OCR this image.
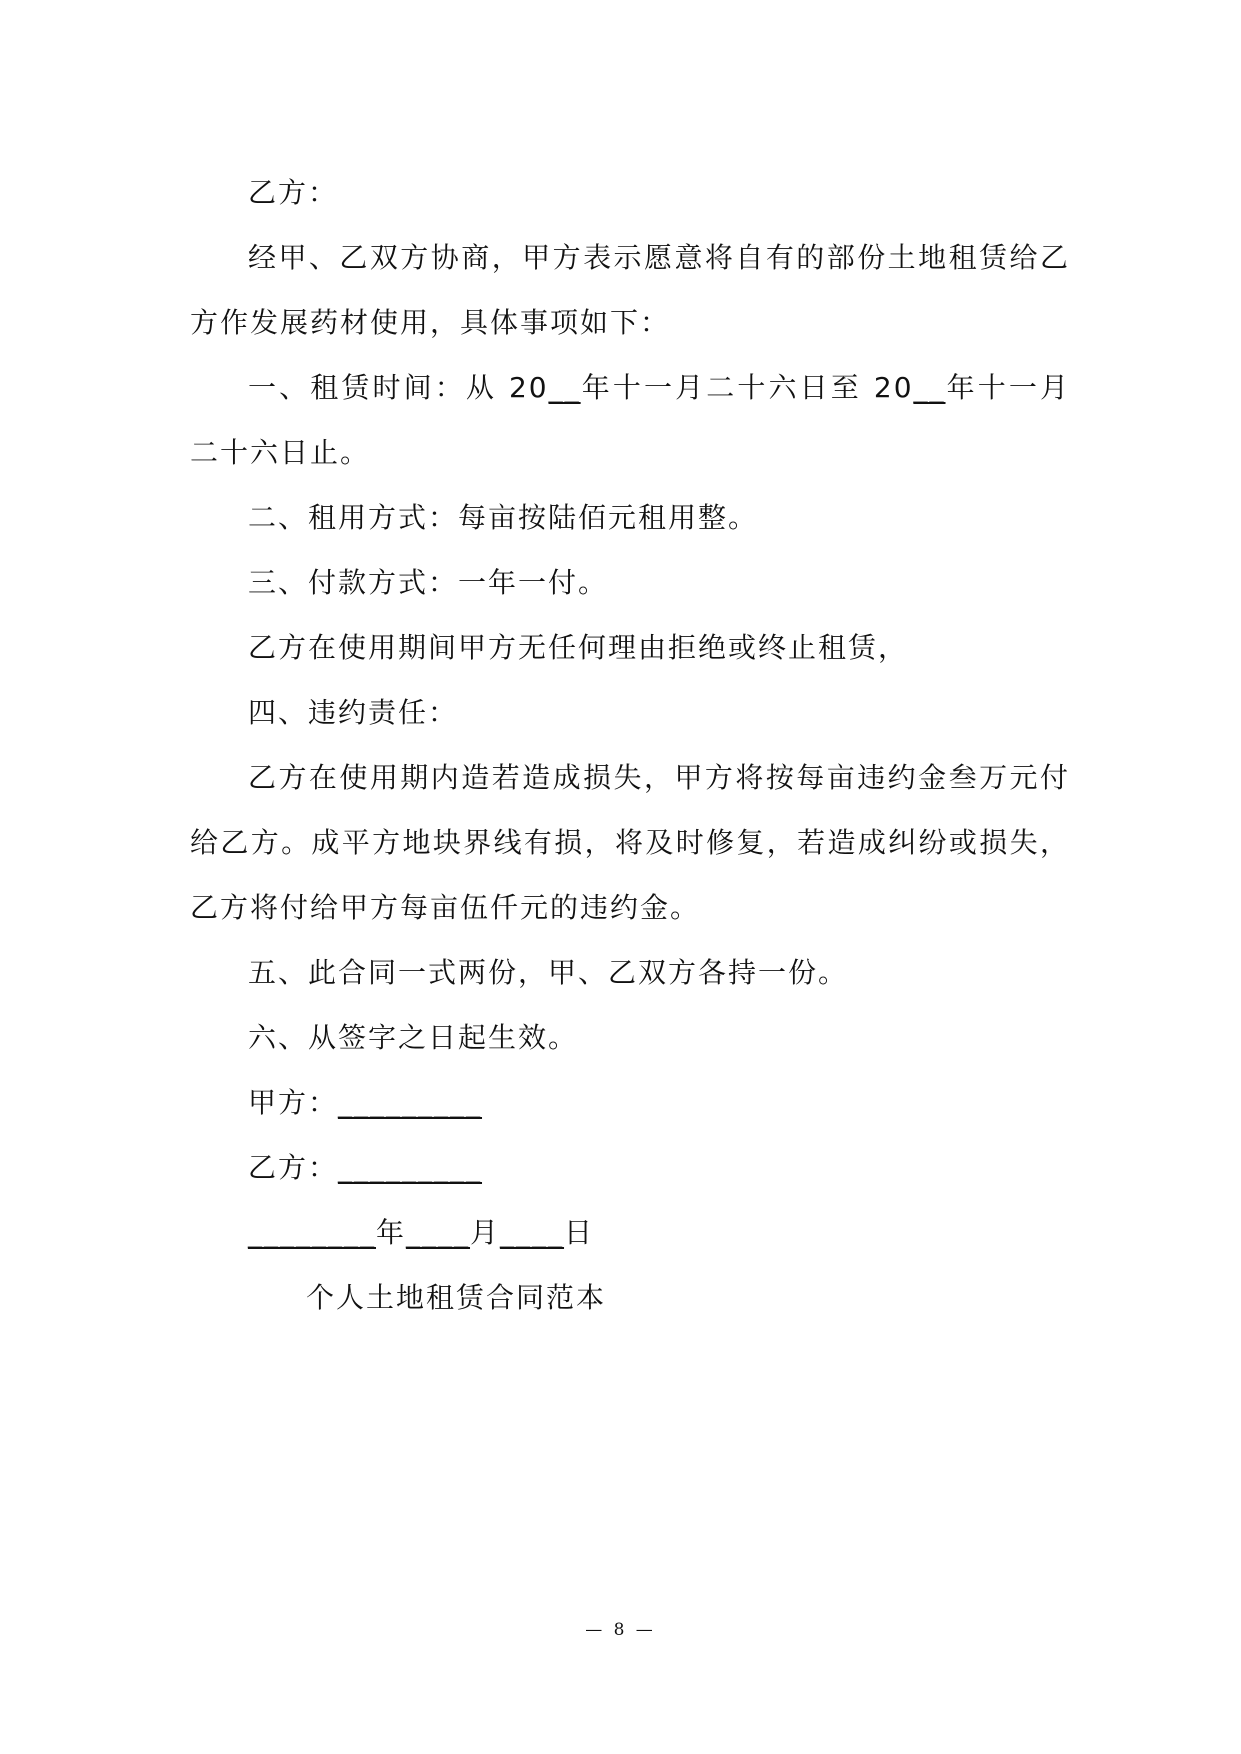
乙方：

经甲、乙双方协商，甲方表示愿意将自有的部份土地租赁给乙方作发展药材使用，具体事项如下：

一、租赁时间：从 20__年十一月二十六日至 20__年十一月二十六日止。

二、租用方式：每亩按陆佰元租用整。

三、付款方式：一年一付。

乙方在使用期间甲方无任何理由拒绝或终止租赁，

四、违约责任：

乙方在使用期内造若造成损失，甲方将按每亩违约金叁万元付给乙方。成平方地块界线有损，将及时修复，若造成纠纷或损失，乙方将付给甲方每亩伍仟元的违约金。

五、此合同一式两份，甲、乙双方各持一份。

六、从签字之日起生效。

甲方：_________

乙方：_________

________年____月____日

个人土地租赁合同范本

— 8 —
